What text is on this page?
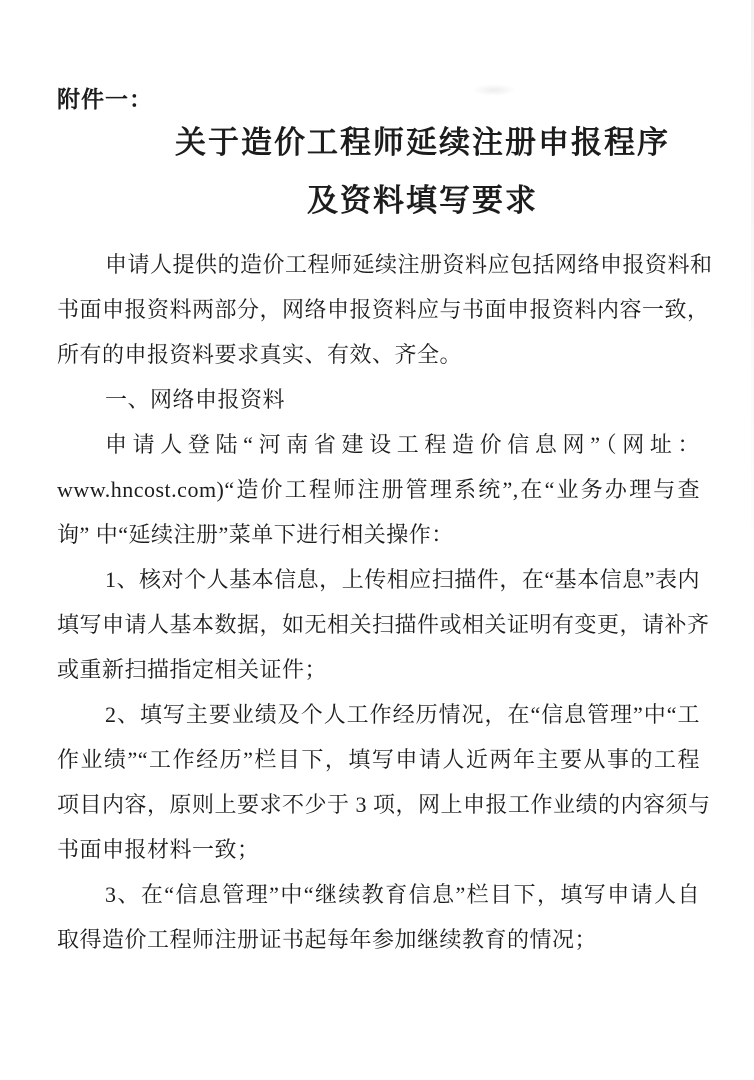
附件一：
关于造价工程师延续注册申报程序
及资料填写要求
申请人提供的造价工程师延续注册资料应包括网络申报资料和
书面申报资料两部分，网络申报资料应与书面申报资料内容一致，
所有的申报资料要求真实、有效、齐全。
一、网络申报资料
申请人登陆“河南省建设工程造价信息网”（网址：
www.hncost.com)“造价工程师注册管理系统”,在“业务办理与查
询” 中“延续注册”菜单下进行相关操作：
1、核对个人基本信息，上传相应扫描件，在“基本信息”表内
填写申请人基本数据，如无相关扫描件或相关证明有变更，请补齐
或重新扫描指定相关证件；
2、填写主要业绩及个人工作经历情况，在“信息管理”中“工
作业绩”“工作经历”栏目下，填写申请人近两年主要从事的工程
项目内容，原则上要求不少于 3 项，网上申报工作业绩的内容须与
书面申报材料一致；
3、在“信息管理”中“继续教育信息”栏目下，填写申请人自
取得造价工程师注册证书起每年参加继续教育的情况；
